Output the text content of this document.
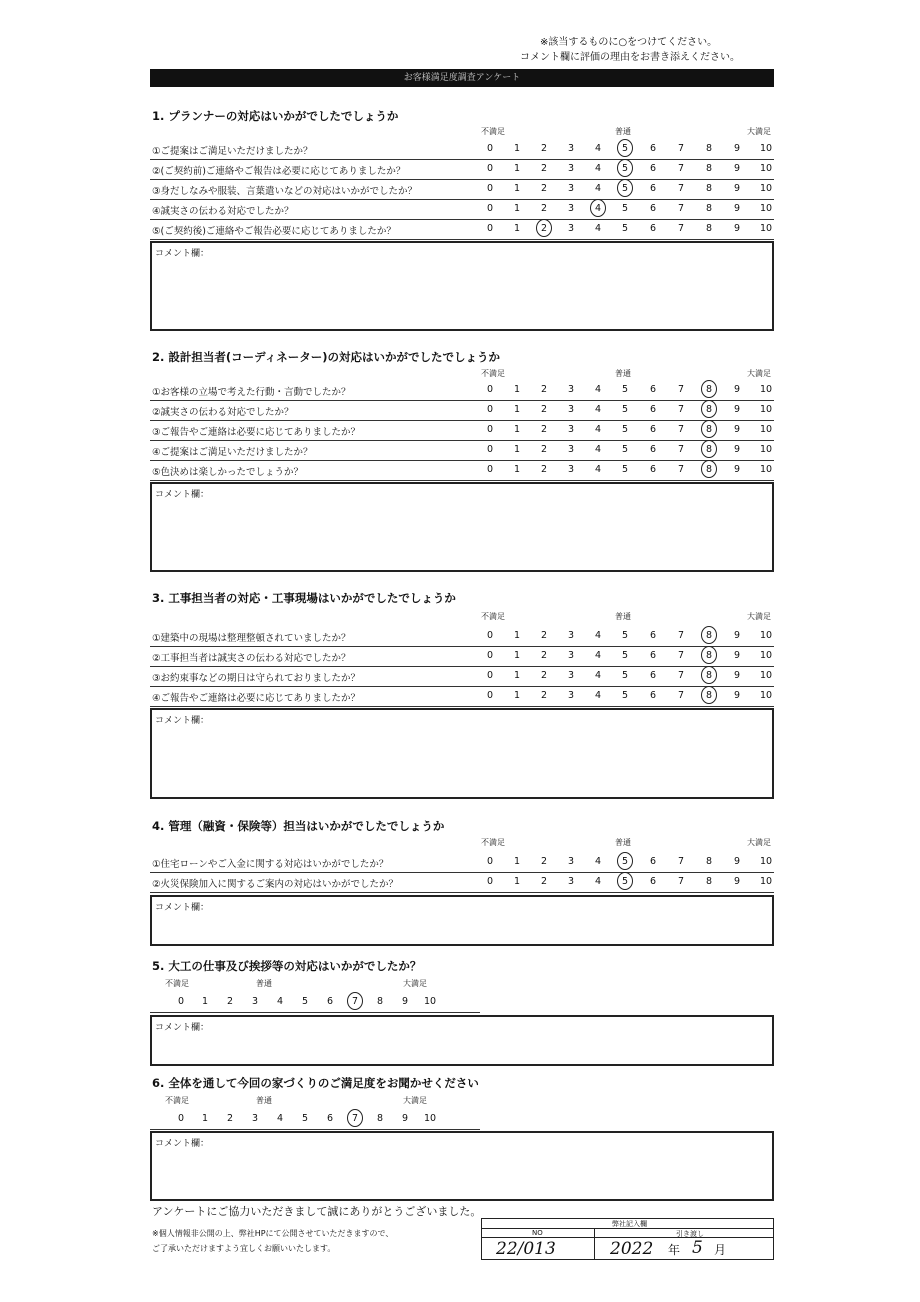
※該当するものに○をつけてください。
コメント欄に評価の理由をお書き添えください。
お客様満足度調査アンケート
1. プランナーの対応はいかがでしたでしょうか
不満足	普通	大満足
①ご提案はご満足いただけましたか？	0	1	2	3	4	5	6	7	8	9	10
②(ご契約前)ご連絡やご報告は必要に応じてありましたか？	0	1	2	3	4	5	6	7	8	9	10
③身だしなみや服装、言葉遣いなどの対応はいかがでしたか？	0	1	2	3	4	5	6	7	8	9	10
④誠実さの伝わる対応でしたか？	0	1	2	3	4	5	6	7	8	9	10
⑤(ご契約後)ご連絡やご報告必要に応じてありましたか？	0	1	2	3	4	5	6	7	8	9	10
コメント欄：
2. 設計担当者(コーディネーター)の対応はいかがでしたでしょうか
不満足	普通	大満足
①お客様の立場で考えた行動・言動でしたか？	0	1	2	3	4	5	6	7	8	9	10
②誠実さの伝わる対応でしたか？	0	1	2	3	4	5	6	7	8	9	10
③ご報告やご連絡は必要に応じてありましたか？	0	1	2	3	4	5	6	7	8	9	10
④ご提案はご満足いただけましたか？	0	1	2	3	4	5	6	7	8	9	10
⑤色決めは楽しかったでしょうか？	0	1	2	3	4	5	6	7	8	9	10
コメント欄：
3. 工事担当者の対応・工事現場はいかがでしたでしょうか
不満足	普通	大満足
①建築中の現場は整理整頓されていましたか？	0	1	2	3	4	5	6	7	8	9	10
②工事担当者は誠実さの伝わる対応でしたか？	0	1	2	3	4	5	6	7	8	9	10
③お約束事などの期日は守られておりましたか？	0	1	2	3	4	5	6	7	8	9	10
④ご報告やご連絡は必要に応じてありましたか？	0	1	2	3	4	5	6	7	8	9	10
コメント欄：
4. 管理（融資・保険等）担当はいかがでしたでしょうか
不満足	普通	大満足
①住宅ローンやご入金に関する対応はいかがでしたか？	0	1	2	3	4	5	6	7	8	9	10
②火災保険加入に関するご案内の対応はいかがでしたか？	0	1	2	3	4	5	6	7	8	9	10
コメント欄：
5. 大工の仕事及び挨拶等の対応はいかがでしたか？
不満足	普通	大満足
0	1	2	3	4	5	6	7	8	9	10
コメント欄：
6. 全体を通して今回の家づくりのご満足度をお聞かせください
不満足	普通	大満足
0	1	2	3	4	5	6	7	8	9	10
コメント欄：
アンケートにご協力いただきまして誠にありがとうございました。
※個人情報非公開の上、弊社HPにて公開させていただきますので、
ご了承いただけますよう宜しくお願いいたします。
弊社記入欄
NO	引き渡し
22/013	2022 年 5 月
